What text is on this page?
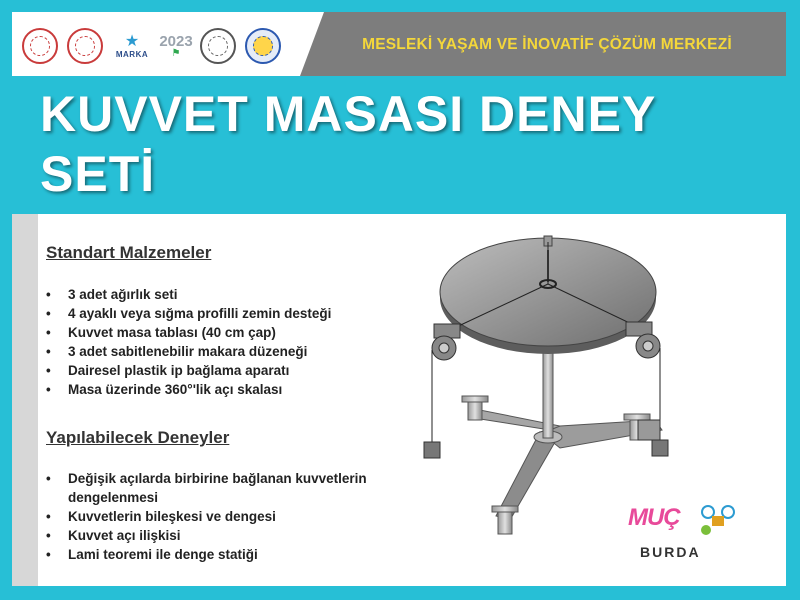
★
MARKA
2023
⚑	MESLEKİ YAŞAM VE İNOVATİF ÇÖZÜM MERKEZİ
KUVVET MASASI DENEY
SETİ
Standart Malzemeler
• 3 adet ağırlık seti
• 4 ayaklı veya sığma profilli zemin desteği
• Kuvvet masa tablası (40 cm çap)
• 3 adet sabitlenebilir makara düzeneği
• Dairesel plastik ip bağlama aparatı
• Masa üzerinde 360°'lik açı skalası
Yapılabilecek Deneyler
• Değişik açılarda birbirine bağlanan kuvvetlerin dengelenmesi
• Kuvvetlerin bileşkesi ve dengesi
• Kuvvet açı ilişkisi
• Lami teoremi ile denge statiği
MUÇ
BURDA
